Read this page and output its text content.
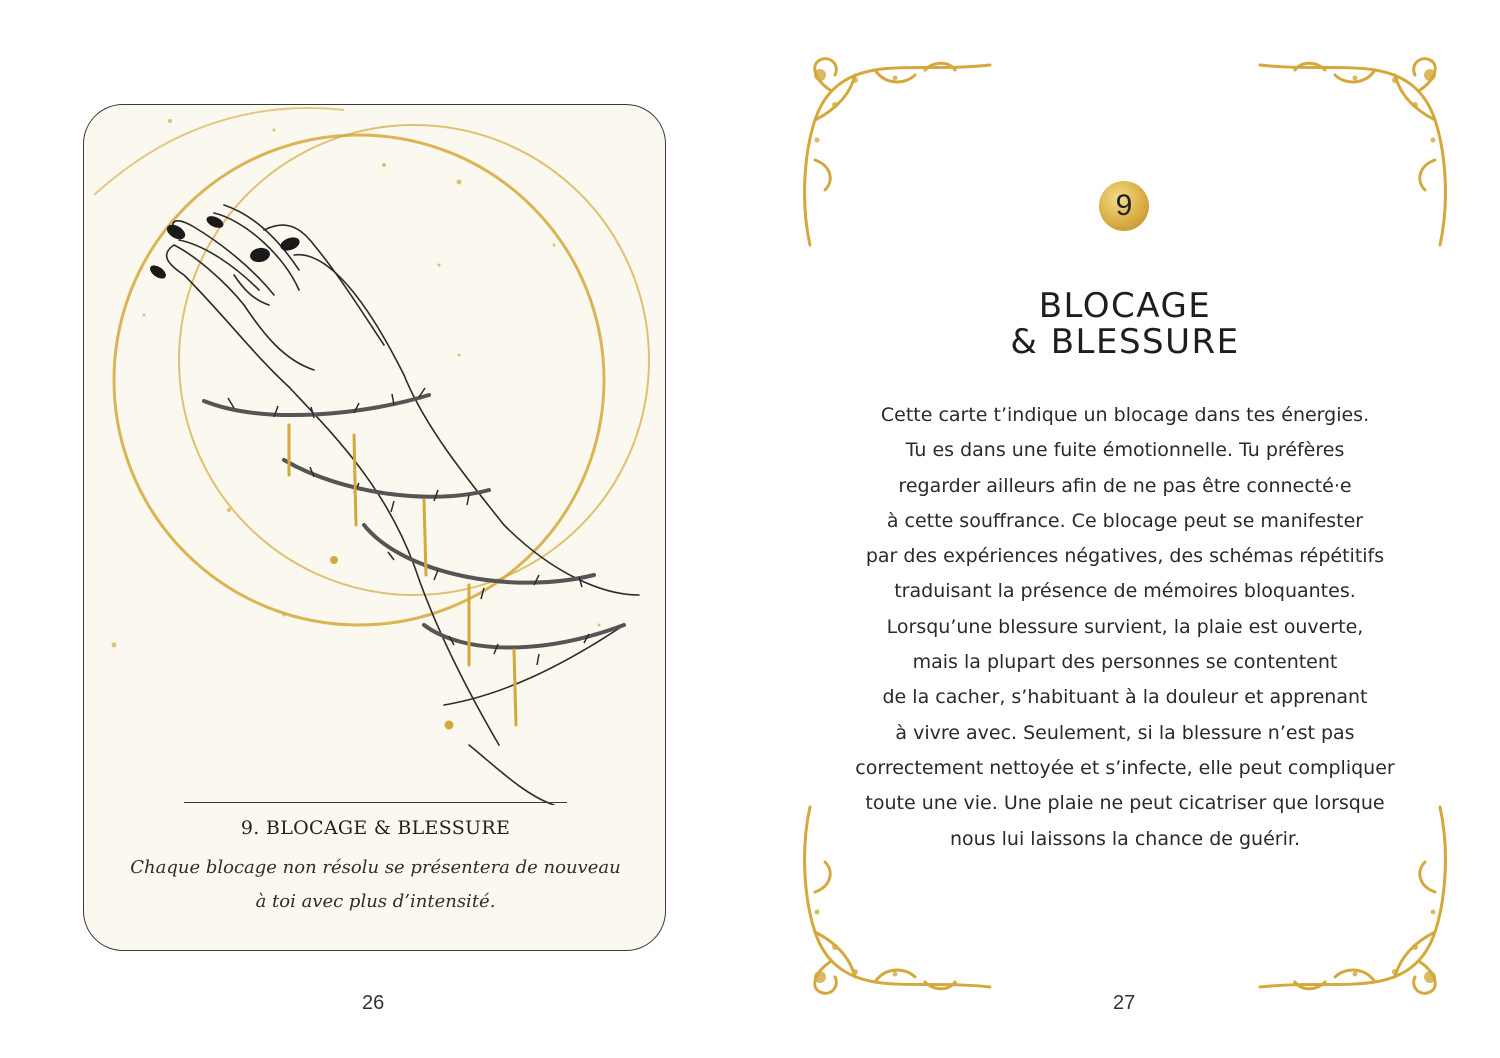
9. BLOCAGE & BLESSURE
Chaque blocage non résolu se présentera de nouveau
à toi avec plus d’intensité.
26
9
BLOCAGE
& BLESSURE
Cette carte t’indique un blocage dans tes énergies.
Tu es dans une fuite émotionnelle. Tu préfères
regarder ailleurs afin de ne pas être connecté·e
à cette souffrance. Ce blocage peut se manifester
par des expériences négatives, des schémas répétitifs
traduisant la présence de mémoires bloquantes.
Lorsqu’une blessure survient, la plaie est ouverte,
mais la plupart des personnes se contentent
de la cacher, s’habituant à la douleur et apprenant
à vivre avec. Seulement, si la blessure n’est pas
correctement nettoyée et s’infecte, elle peut compliquer
toute une vie. Une plaie ne peut cicatriser que lorsque
nous lui laissons la chance de guérir.
27
